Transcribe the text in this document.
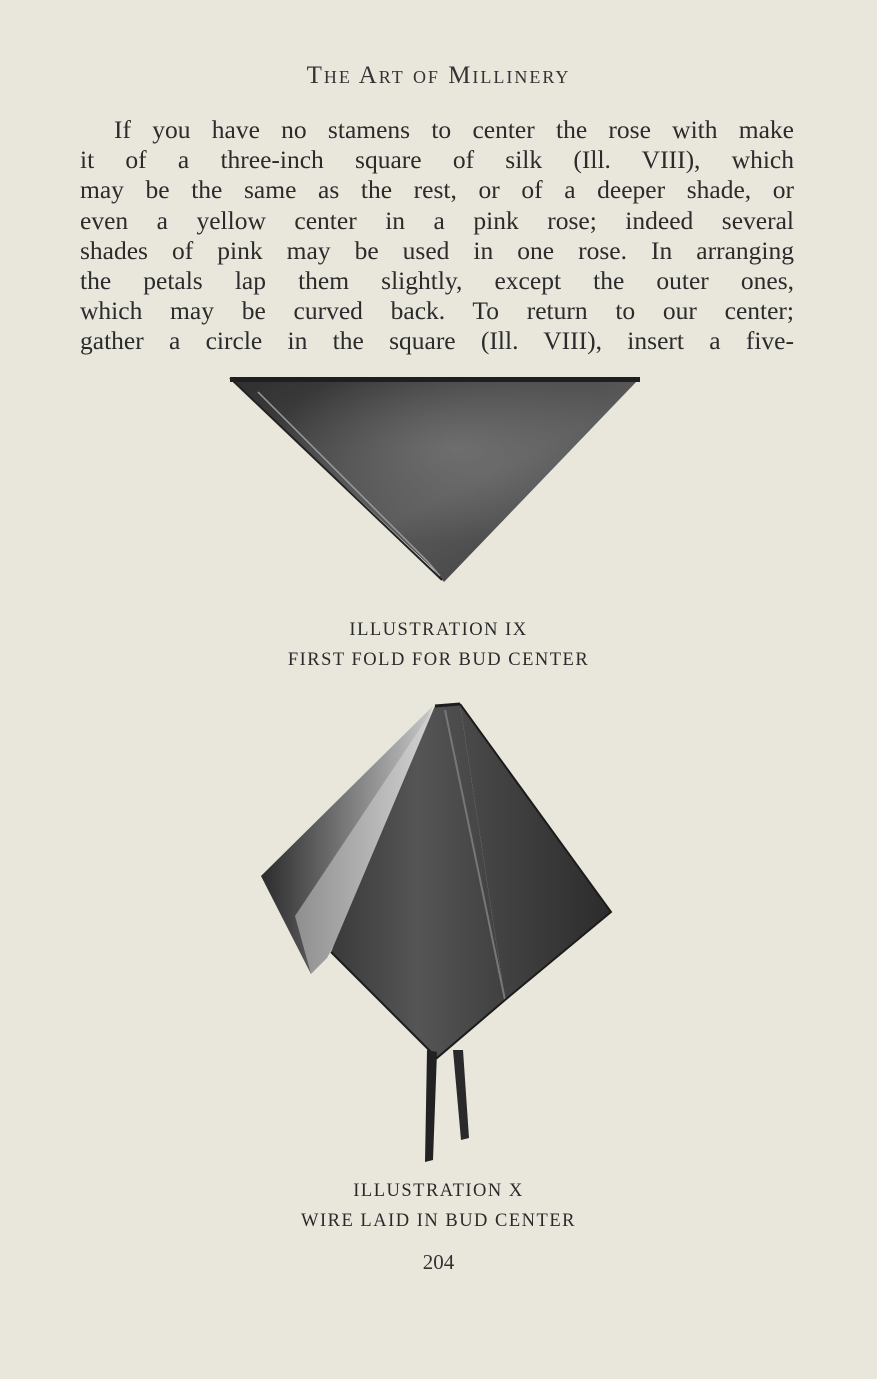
The Art of Millinery
If you have no stamens to center the rose with make
it of a three-inch square of silk (Ill. VIII), which
may be the same as the rest, or of a deeper shade, or
even a yellow center in a pink rose; indeed several
shades of pink may be used in one rose. In arranging
the petals lap them slightly, except the outer ones,
which may be curved back. To return to our center;
gather a circle in the square (Ill. VIII), insert a five-
ILLUSTRATION IX
FIRST FOLD FOR BUD CENTER
ILLUSTRATION X
WIRE LAID IN BUD CENTER
204
